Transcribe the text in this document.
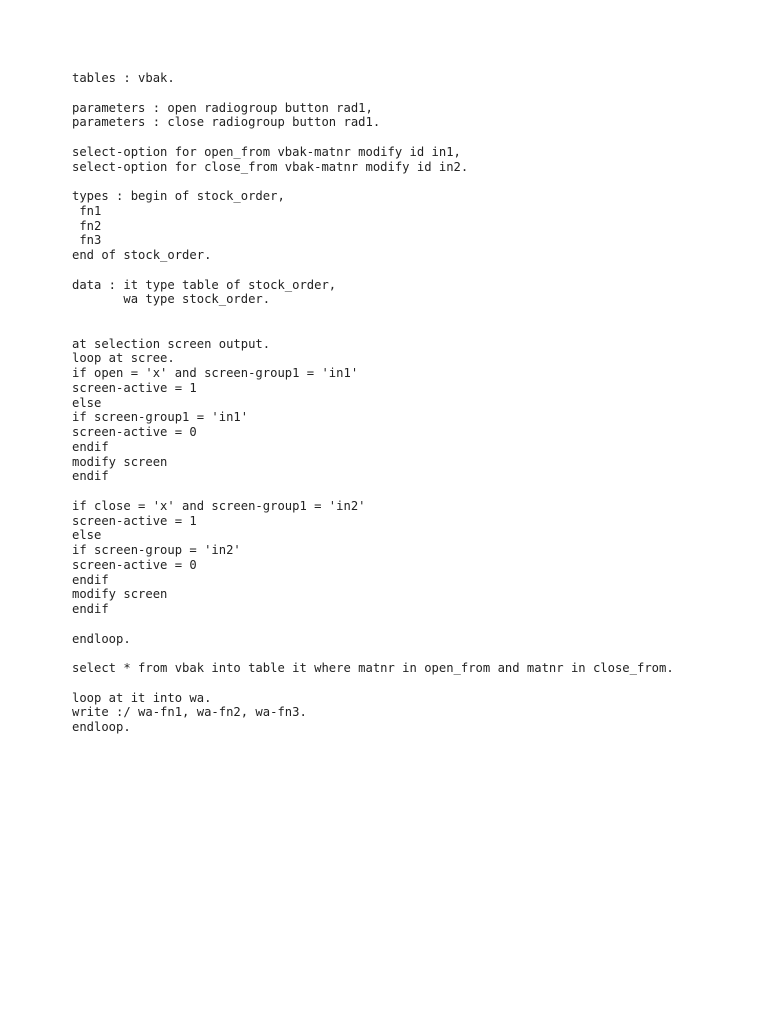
tables : vbak.
parameters : open radiogroup button rad1,
parameters : close radiogroup button rad1.
select-option for open_from vbak-matnr modify id in1,
select-option for close_from vbak-matnr modify id in2.
types : begin of stock_order,
fn1
fn2
fn3
end of stock_order.
data : it type table of stock_order,
wa type stock_order.
at selection screen output.
loop at scree.
if open = 'x' and screen-group1 = 'in1'
screen-active = 1
else
if screen-group1 = 'in1'
screen-active = 0
endif
modify screen
endif
if close = 'x' and screen-group1 = 'in2'
screen-active = 1
else
if screen-group = 'in2'
screen-active = 0
endif
modify screen
endif
endloop.
select * from vbak into table it where matnr in open_from and matnr in close_from.
loop at it into wa.
write :/ wa-fn1, wa-fn2, wa-fn3.
endloop.
